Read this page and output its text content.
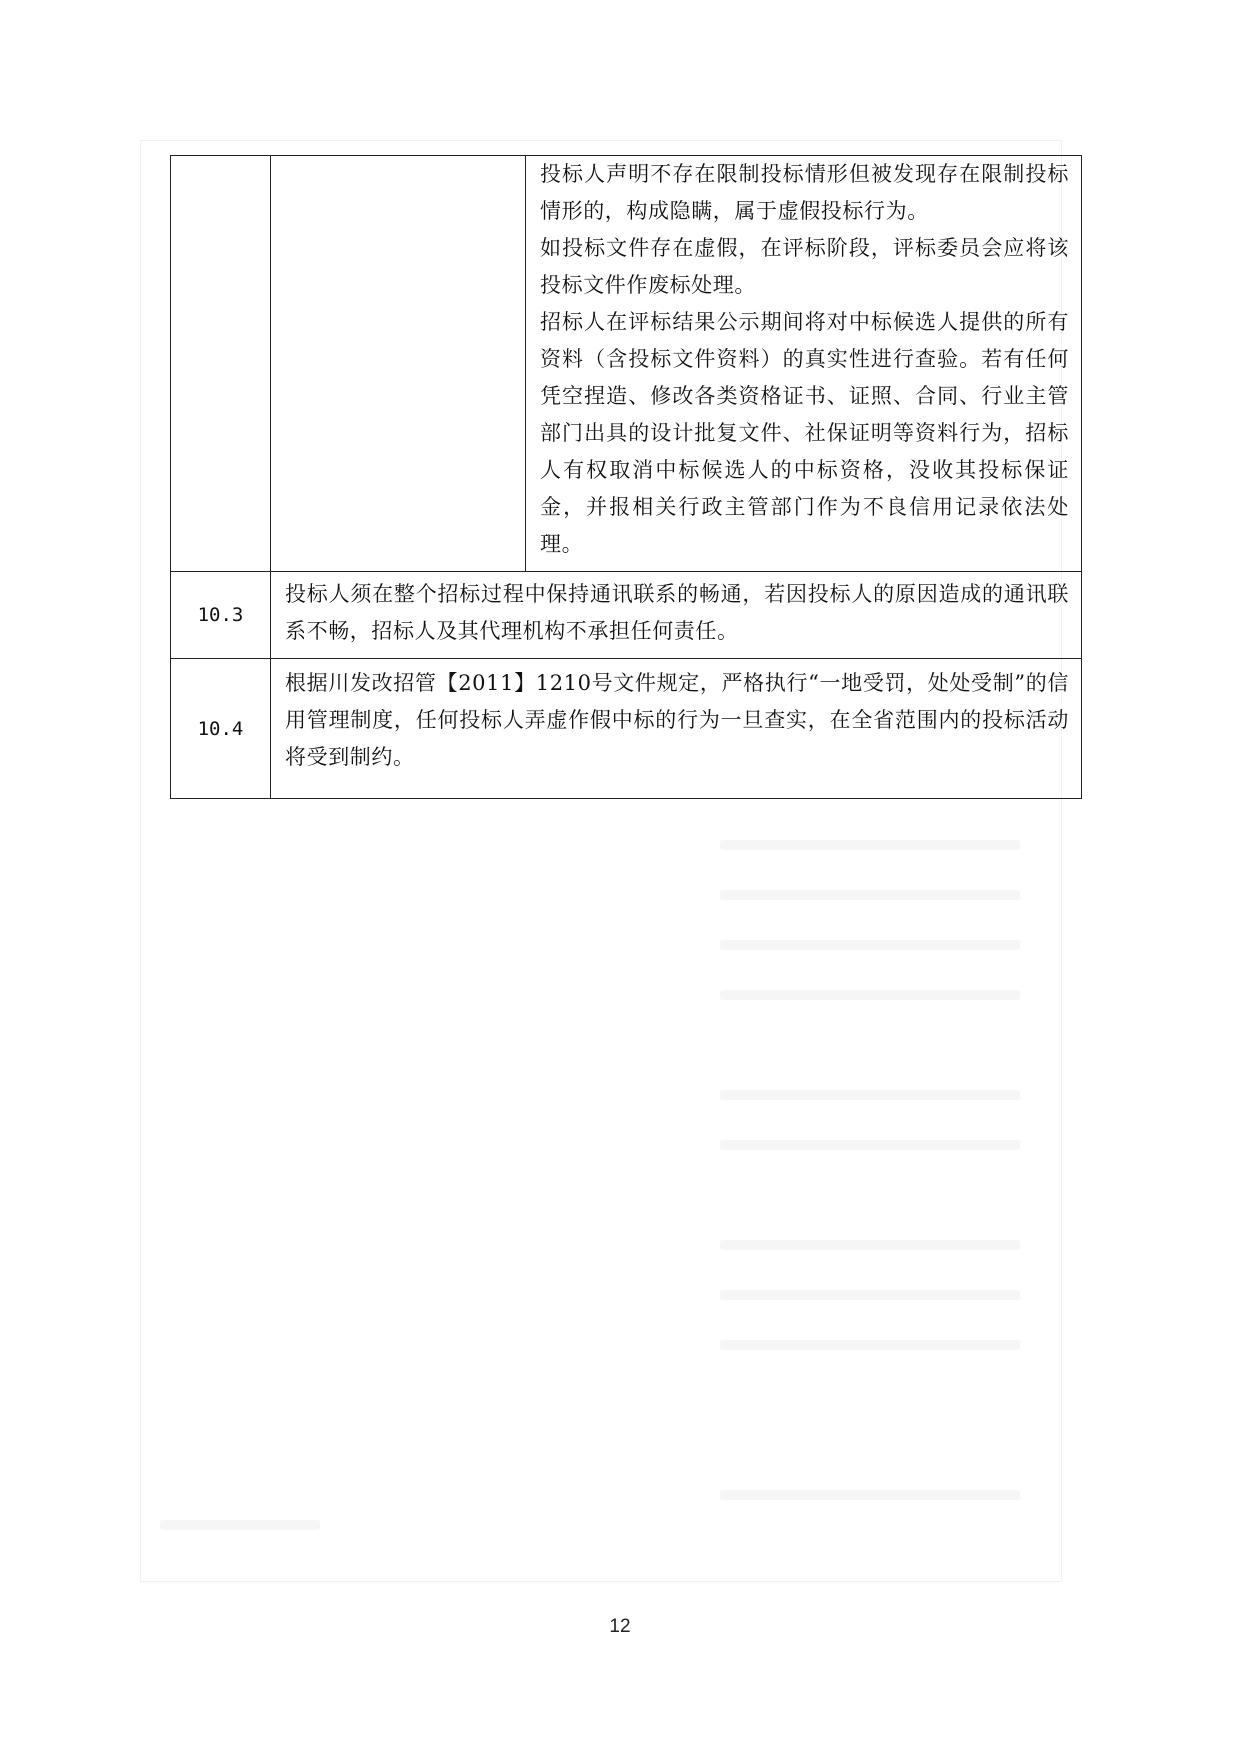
投标人声明不存在限制投标情形但被发现存在限制投标情形的，构成隐瞒，属于虚假投标行为。

如投标文件存在虚假，在评标阶段，评标委员会应将该投标文件作废标处理。

招标人在评标结果公示期间将对中标候选人提供的所有资料（含投标文件资料）的真实性进行查验。若有任何凭空捏造、修改各类资格证书、证照、合同、行业主管部门出具的设计批复文件、社保证明等资料行为，招标人有权取消中标候选人的中标资格，没收其投标保证金，并报相关行政主管部门作为不良信用记录依法处理。

10.3

投标人须在整个招标过程中保持通讯联系的畅通，若因投标人的原因造成的通讯联系不畅，招标人及其代理机构不承担任何责任。

10.4

根据川发改招管【2011】1210号文件规定，严格执行“一地受罚，处处受制”的信用管理制度，任何投标人弄虚作假中标的行为一旦查实，在全省范围内的投标活动将受到制约。

12
